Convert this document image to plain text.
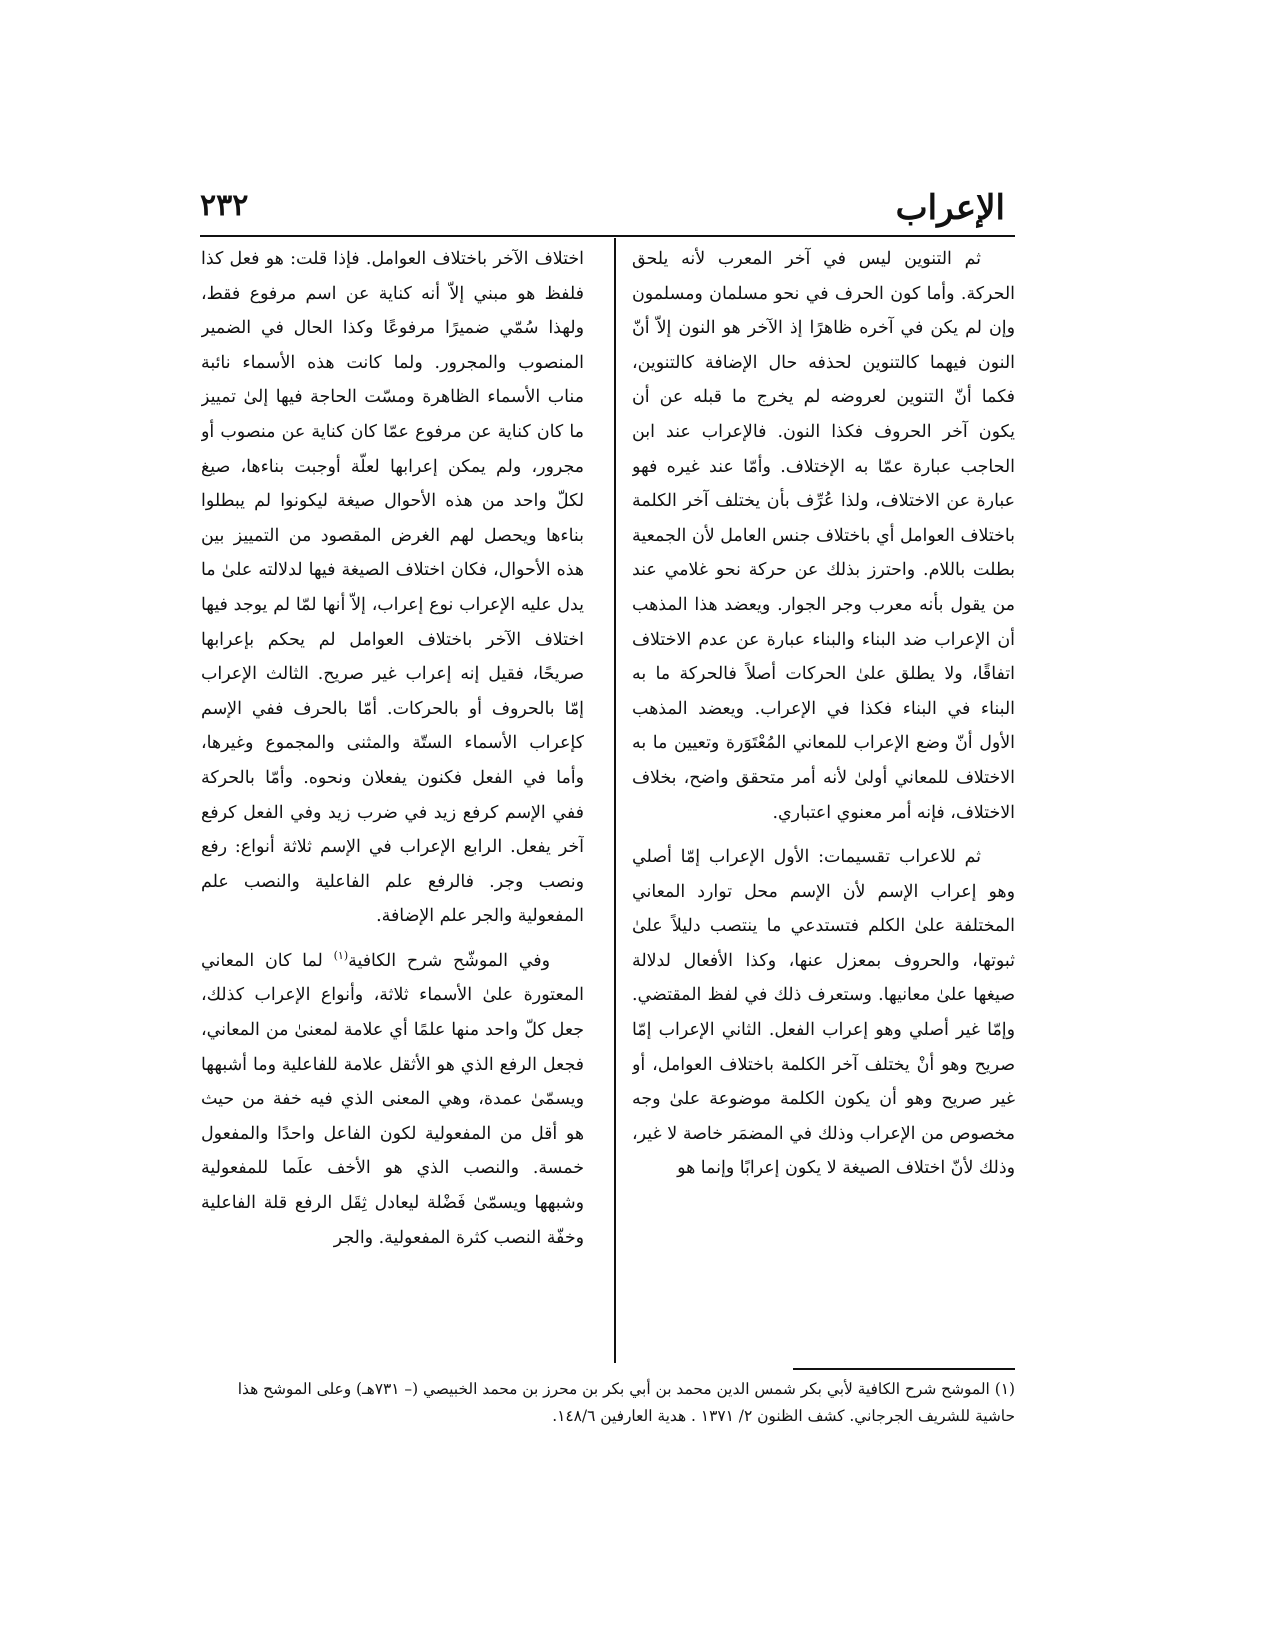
الإعراب
٢٣٢

ثم التنوين ليس في آخر المعرب لأنه يلحق الحركة. وأما كون الحرف في نحو مسلمان ومسلمون وإن لم يكن في آخره ظاهرًا إذ الآخر هو النون إلاّ أنّ النون فيهما كالتنوين لحذفه حال الإضافة كالتنوين، فكما أنّ التنوين لعروضه لم يخرج ما قبله عن أن يكون آخر الحروف فكذا النون. فالإعراب عند ابن الحاجب عبارة عمّا به الإختلاف. وأمّا عند غيره فهو عبارة عن الاختلاف، ولذا عُرِّف بأن يختلف آخر الكلمة باختلاف العوامل أي باختلاف جنس العامل لأن الجمعية بطلت باللام. واحترز بذلك عن حركة نحو غلامي عند من يقول بأنه معرب وجر الجوار. ويعضد هذا المذهب أن الإعراب ضد البناء والبناء عبارة عن عدم الاختلاف اتفاقًا، ولا يطلق علىٰ الحركات أصلاً فالحركة ما به البناء في البناء فكذا في الإعراب. ويعضد المذهب الأول أنّ وضع الإعراب للمعاني المُعْتَوَرة وتعيين ما به الاختلاف للمعاني أولىٰ لأنه أمر متحقق واضح، بخلاف الاختلاف، فإنه أمر معنوي اعتباري.

ثم للاعراب تقسيمات: الأول الإعراب إمّا أصلي وهو إعراب الإسم لأن الإسم محل توارد المعاني المختلفة علىٰ الكلم فتستدعي ما ينتصب دليلاً علىٰ ثبوتها، والحروف بمعزل عنها، وكذا الأفعال لدلالة صيغها علىٰ معانيها. وستعرف ذلك في لفظ المقتضي. وإمّا غير أصلي وهو إعراب الفعل. الثاني الإعراب إمّا صريح وهو أنْ يختلف آخر الكلمة باختلاف العوامل، أو غير صريح وهو أن يكون الكلمة موضوعة علىٰ وجه مخصوص من الإعراب وذلك في المضمَر خاصة لا غير، وذلك لأنّ اختلاف الصيغة لا يكون إعرابًا وإنما هو

اختلاف الآخر باختلاف العوامل. فإذا قلت: هو فعل كذا فلفظ هو مبني إلاّ أنه كناية عن اسم مرفوع فقط، ولهذا سُمّي ضميرًا مرفوعًا وكذا الحال في الضمير المنصوب والمجرور. ولما كانت هذه الأسماء نائبة مناب الأسماء الظاهرة ومسّت الحاجة فيها إلىٰ تمييز ما كان كناية عن مرفوع عمّا كان كناية عن منصوب أو مجرور، ولم يمكن إعرابها لعلّة أوجبت بناءها، صيغ لكلّ واحد من هذه الأحوال صيغة ليكونوا لم يبطلوا بناءها ويحصل لهم الغرض المقصود من التمييز بين هذه الأحوال، فكان اختلاف الصيغة فيها لدلالته علىٰ ما يدل عليه الإعراب نوع إعراب، إلاّ أنها لمّا لم يوجد فيها اختلاف الآخر باختلاف العوامل لم يحكم بإعرابها صريحًا، فقيل إنه إعراب غير صريح. الثالث الإعراب إمّا بالحروف أو بالحركات. أمّا بالحرف ففي الإسم كإعراب الأسماء الستّة والمثنى والمجموع وغيرها، وأما في الفعل فكنون يفعلان ونحوه. وأمّا بالحركة ففي الإسم كرفع زيد في ضرب زيد وفي الفعل كرفع آخر يفعل. الرابع الإعراب في الإسم ثلاثة أنواع: رفع ونصب وجر. فالرفع علم الفاعلية والنصب علم المفعولية والجر علم الإضافة.

وفي الموشّح شرح الكافية$^{(١)}$ لما كان المعاني المعتورة علىٰ الأسماء ثلاثة، وأنواع الإعراب كذلك، جعل كلّ واحد منها علمًا أي علامة لمعنىٰ من المعاني، فجعل الرفع الذي هو الأثقل علامة للفاعلية وما أشبهها ويسمّىٰ عمدة، وهي المعنى الذي فيه خفة من حيث هو أقل من المفعولية لكون الفاعل واحدًا والمفعول خمسة. والنصب الذي هو الأخف علَما للمفعولية وشبهها ويسمّىٰ فَضْلة ليعادل ثِقَل الرفع قلة الفاعلية وخفّة النصب كثرة المفعولية. والجر

(١) الموشح شرح الكافية لأبي بكر شمس الدين محمد بن أبي بكر بن محرز بن محمد الخبيصي (– ٧٣١هـ) وعلى الموشح هذا

حاشية للشريف الجرجاني. كشف الظنون ٢/ ١٣٧١ . هدية العارفين ١٤٨/٦.
